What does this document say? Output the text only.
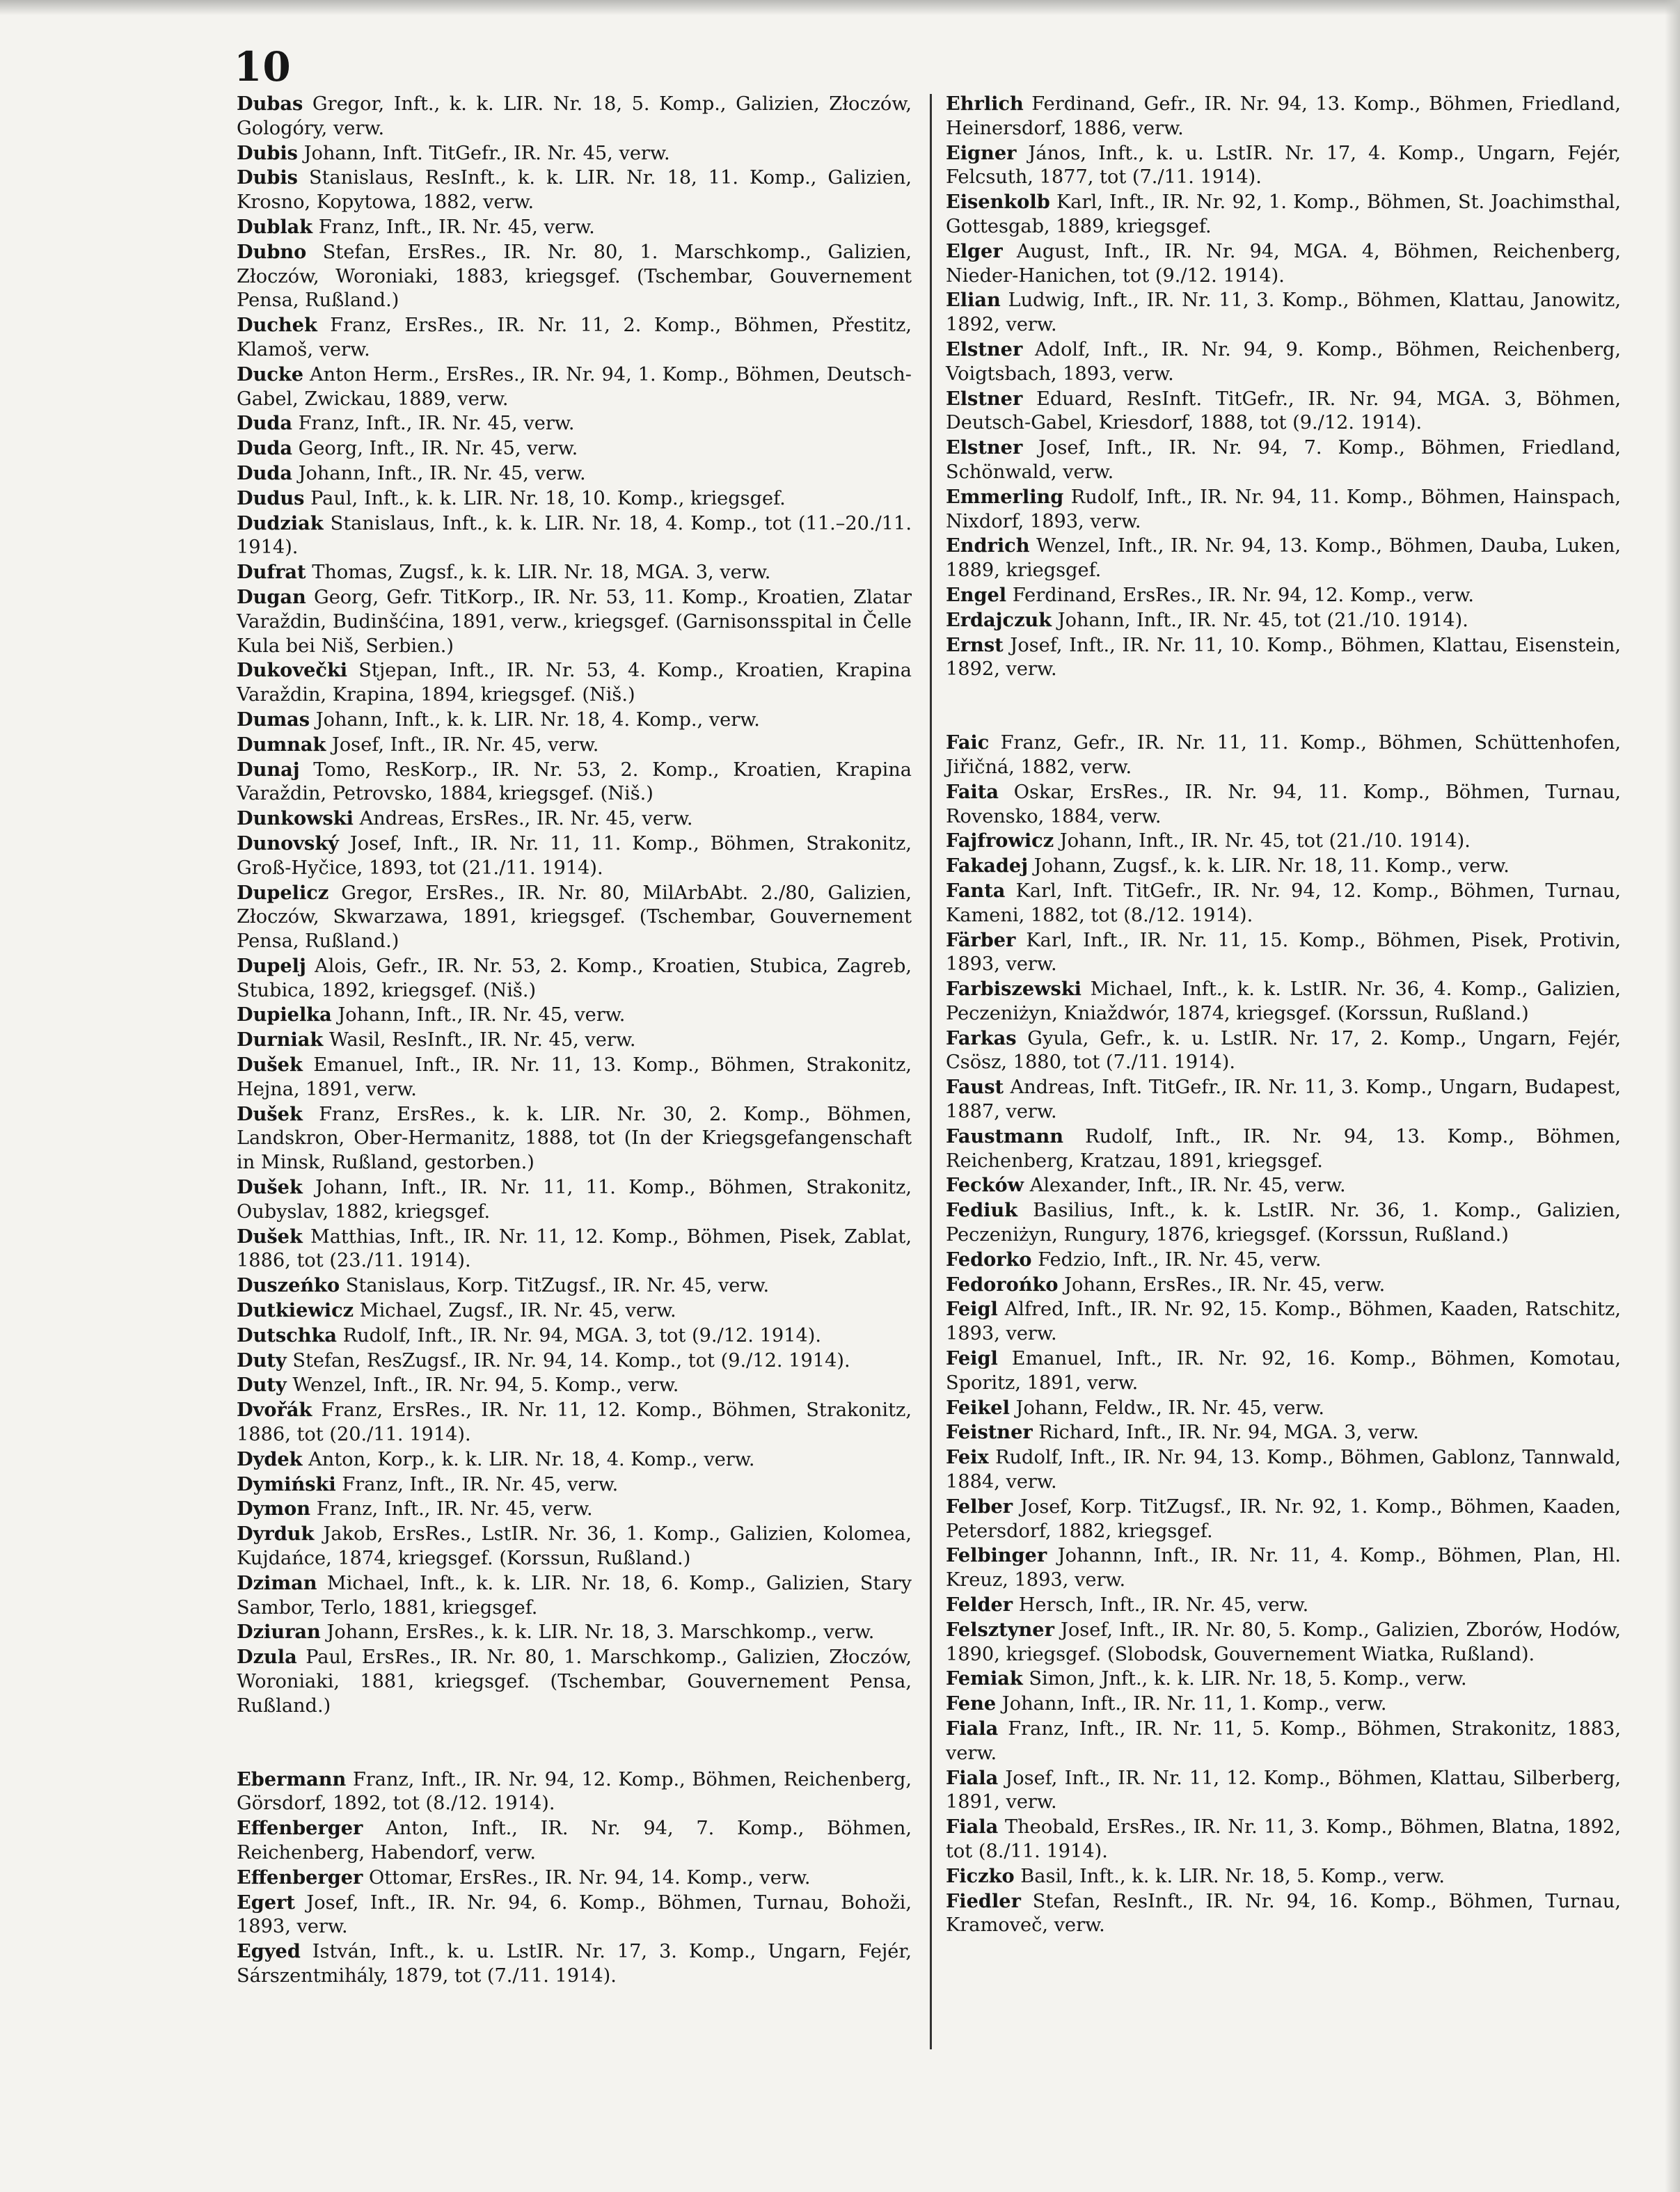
10

Dubas Gregor, Inft., k. k. LIR. Nr. 18, 5. Komp., Galizien, Złoczów, Gologóry, verw.

Dubis Johann, Inft. TitGefr., IR. Nr. 45, verw.

Dubis Stanislaus, ResInft., k. k. LIR. Nr. 18, 11. Komp., Galizien, Krosno, Kopytowa, 1882, verw.

Dublak Franz, Inft., IR. Nr. 45, verw.

Dubno Stefan, ErsRes., IR. Nr. 80, 1. Marschkomp., Galizien, Złoczów, Woroniaki, 1883, kriegsgef. (Tschembar, Gouvernement Pensa, Rußland.)

Duchek Franz, ErsRes., IR. Nr. 11, 2. Komp., Böhmen, Přestitz, Klamoš, verw.

Ducke Anton Herm., ErsRes., IR. Nr. 94, 1. Komp., Böhmen, Deutsch-Gabel, Zwickau, 1889, verw.

Duda Franz, Inft., IR. Nr. 45, verw.

Duda Georg, Inft., IR. Nr. 45, verw.

Duda Johann, Inft., IR. Nr. 45, verw.

Dudus Paul, Inft., k. k. LIR. Nr. 18, 10. Komp., kriegsgef.

Dudziak Stanislaus, Inft., k. k. LIR. Nr. 18, 4. Komp., tot (11.–20./11. 1914).

Dufrat Thomas, Zugsf., k. k. LIR. Nr. 18, MGA. 3, verw.

Dugan Georg, Gefr. TitKorp., IR. Nr. 53, 11. Komp., Kroatien, Zlatar Varaždin, Budinšćina, 1891, verw., kriegsgef. (Garnisonsspital in Čelle Kula bei Niš, Serbien.)

Dukovečki Stjepan, Inft., IR. Nr. 53, 4. Komp., Kroatien, Krapina Varaždin, Krapina, 1894, kriegsgef. (Niš.)

Dumas Johann, Inft., k. k. LIR. Nr. 18, 4. Komp., verw.

Dumnak Josef, Inft., IR. Nr. 45, verw.

Dunaj Tomo, ResKorp., IR. Nr. 53, 2. Komp., Kroatien, Krapina Varaždin, Petrovsko, 1884, kriegsgef. (Niš.)

Dunkowski Andreas, ErsRes., IR. Nr. 45, verw.

Dunovský Josef, Inft., IR. Nr. 11, 11. Komp., Böhmen, Strakonitz, Groß-Hyčice, 1893, tot (21./11. 1914).

Dupelicz Gregor, ErsRes., IR. Nr. 80, MilArbAbt. 2./80, Galizien, Złoczów, Skwarzawa, 1891, kriegsgef. (Tschembar, Gouvernement Pensa, Rußland.)

Dupelj Alois, Gefr., IR. Nr. 53, 2. Komp., Kroatien, Stubica, Zagreb, Stubica, 1892, kriegsgef. (Niš.)

Dupielka Johann, Inft., IR. Nr. 45, verw.

Durniak Wasil, ResInft., IR. Nr. 45, verw.

Dušek Emanuel, Inft., IR. Nr. 11, 13. Komp., Böhmen, Strakonitz, Hejna, 1891, verw.

Dušek Franz, ErsRes., k. k. LIR. Nr. 30, 2. Komp., Böhmen, Landskron, Ober-Hermanitz, 1888, tot (In der Kriegsgefangenschaft in Minsk, Rußland, gestorben.)

Dušek Johann, Inft., IR. Nr. 11, 11. Komp., Böhmen, Strakonitz, Oubyslav, 1882, kriegsgef.

Dušek Matthias, Inft., IR. Nr. 11, 12. Komp., Böhmen, Pisek, Zablat, 1886, tot (23./11. 1914).

Duszeńko Stanislaus, Korp. TitZugsf., IR. Nr. 45, verw.

Dutkiewicz Michael, Zugsf., IR. Nr. 45, verw.

Dutschka Rudolf, Inft., IR. Nr. 94, MGA. 3, tot (9./12. 1914).

Duty Stefan, ResZugsf., IR. Nr. 94, 14. Komp., tot (9./12. 1914).

Duty Wenzel, Inft., IR. Nr. 94, 5. Komp., verw.

Dvořák Franz, ErsRes., IR. Nr. 11, 12. Komp., Böhmen, Strakonitz, 1886, tot (20./11. 1914).

Dydek Anton, Korp., k. k. LIR. Nr. 18, 4. Komp., verw.

Dymiński Franz, Inft., IR. Nr. 45, verw.

Dymon Franz, Inft., IR. Nr. 45, verw.

Dyrduk Jakob, ErsRes., LstIR. Nr. 36, 1. Komp., Galizien, Kolomea, Kujdańce, 1874, kriegsgef. (Korssun, Rußland.)

Dziman Michael, Inft., k. k. LIR. Nr. 18, 6. Komp., Galizien, Stary Sambor, Terlo, 1881, kriegsgef.

Dziuran Johann, ErsRes., k. k. LIR. Nr. 18, 3. Marschkomp., verw.

Dzula Paul, ErsRes., IR. Nr. 80, 1. Marschkomp., Galizien, Złoczów, Woroniaki, 1881, kriegsgef. (Tschembar, Gouvernement Pensa, Rußland.)

Ebermann Franz, Inft., IR. Nr. 94, 12. Komp., Böhmen, Reichenberg, Görsdorf, 1892, tot (8./12. 1914).

Effenberger Anton, Inft., IR. Nr. 94, 7. Komp., Böhmen, Reichenberg, Habendorf, verw.

Effenberger Ottomar, ErsRes., IR. Nr. 94, 14. Komp., verw.

Egert Josef, Inft., IR. Nr. 94, 6. Komp., Böhmen, Turnau, Bohoži, 1893, verw.

Egyed István, Inft., k. u. LstIR. Nr. 17, 3. Komp., Ungarn, Fejér, Sárszentmihály, 1879, tot (7./11. 1914).

Ehrlich Ferdinand, Gefr., IR. Nr. 94, 13. Komp., Böhmen, Friedland, Heinersdorf, 1886, verw.

Eigner János, Inft., k. u. LstIR. Nr. 17, 4. Komp., Ungarn, Fejér, Felcsuth, 1877, tot (7./11. 1914).

Eisenkolb Karl, Inft., IR. Nr. 92, 1. Komp., Böhmen, St. Joachimsthal, Gottesgab, 1889, kriegsgef.

Elger August, Inft., IR. Nr. 94, MGA. 4, Böhmen, Reichenberg, Nieder-Hanichen, tot (9./12. 1914).

Elian Ludwig, Inft., IR. Nr. 11, 3. Komp., Böhmen, Klattau, Janowitz, 1892, verw.

Elstner Adolf, Inft., IR. Nr. 94, 9. Komp., Böhmen, Reichenberg, Voigtsbach, 1893, verw.

Elstner Eduard, ResInft. TitGefr., IR. Nr. 94, MGA. 3, Böhmen, Deutsch-Gabel, Kriesdorf, 1888, tot (9./12. 1914).

Elstner Josef, Inft., IR. Nr. 94, 7. Komp., Böhmen, Friedland, Schönwald, verw.

Emmerling Rudolf, Inft., IR. Nr. 94, 11. Komp., Böhmen, Hainspach, Nixdorf, 1893, verw.

Endrich Wenzel, Inft., IR. Nr. 94, 13. Komp., Böhmen, Dauba, Luken, 1889, kriegsgef.

Engel Ferdinand, ErsRes., IR. Nr. 94, 12. Komp., verw.

Erdajczuk Johann, Inft., IR. Nr. 45, tot (21./10. 1914).

Ernst Josef, Inft., IR. Nr. 11, 10. Komp., Böhmen, Klattau, Eisenstein, 1892, verw.

Faic Franz, Gefr., IR. Nr. 11, 11. Komp., Böhmen, Schüttenhofen, Jiřičná, 1882, verw.

Faita Oskar, ErsRes., IR. Nr. 94, 11. Komp., Böhmen, Turnau, Rovensko, 1884, verw.

Fajfrowicz Johann, Inft., IR. Nr. 45, tot (21./10. 1914).

Fakadej Johann, Zugsf., k. k. LIR. Nr. 18, 11. Komp., verw.

Fanta Karl, Inft. TitGefr., IR. Nr. 94, 12. Komp., Böhmen, Turnau, Kameni, 1882, tot (8./12. 1914).

Färber Karl, Inft., IR. Nr. 11, 15. Komp., Böhmen, Pisek, Protivin, 1893, verw.

Farbiszewski Michael, Inft., k. k. LstIR. Nr. 36, 4. Komp., Galizien, Peczeniżyn, Kniaždwór, 1874, kriegsgef. (Korssun, Rußland.)

Farkas Gyula, Gefr., k. u. LstIR. Nr. 17, 2. Komp., Ungarn, Fejér, Csösz, 1880, tot (7./11. 1914).

Faust Andreas, Inft. TitGefr., IR. Nr. 11, 3. Komp., Ungarn, Budapest, 1887, verw.

Faustmann Rudolf, Inft., IR. Nr. 94, 13. Komp., Böhmen, Reichenberg, Kratzau, 1891, kriegsgef.

Fecków Alexander, Inft., IR. Nr. 45, verw.

Fediuk Basilius, Inft., k. k. LstIR. Nr. 36, 1. Komp., Galizien, Peczeniżyn, Rungury, 1876, kriegsgef. (Korssun, Rußland.)

Fedorko Fedzio, Inft., IR. Nr. 45, verw.

Fedorońko Johann, ErsRes., IR. Nr. 45, verw.

Feigl Alfred, Inft., IR. Nr. 92, 15. Komp., Böhmen, Kaaden, Ratschitz, 1893, verw.

Feigl Emanuel, Inft., IR. Nr. 92, 16. Komp., Böhmen, Komotau, Sporitz, 1891, verw.

Feikel Johann, Feldw., IR. Nr. 45, verw.

Feistner Richard, Inft., IR. Nr. 94, MGA. 3, verw.

Feix Rudolf, Inft., IR. Nr. 94, 13. Komp., Böhmen, Gablonz, Tannwald, 1884, verw.

Felber Josef, Korp. TitZugsf., IR. Nr. 92, 1. Komp., Böhmen, Kaaden, Petersdorf, 1882, kriegsgef.

Felbinger Johannn, Inft., IR. Nr. 11, 4. Komp., Böhmen, Plan, Hl. Kreuz, 1893, verw.

Felder Hersch, Inft., IR. Nr. 45, verw.

Felsztyner Josef, Inft., IR. Nr. 80, 5. Komp., Galizien, Zborów, Hodów, 1890, kriegsgef. (Slobodsk, Gouvernement Wiatka, Rußland).

Femiak Simon, Jnft., k. k. LIR. Nr. 18, 5. Komp., verw.

Fene Johann, Inft., IR. Nr. 11, 1. Komp., verw.

Fiala Franz, Inft., IR. Nr. 11, 5. Komp., Böhmen, Strakonitz, 1883, verw.

Fiala Josef, Inft., IR. Nr. 11, 12. Komp., Böhmen, Klattau, Silberberg, 1891, verw.

Fiala Theobald, ErsRes., IR. Nr. 11, 3. Komp., Böhmen, Blatna, 1892, tot (8./11. 1914).

Ficzko Basil, Inft., k. k. LIR. Nr. 18, 5. Komp., verw.

Fiedler Stefan, ResInft., IR. Nr. 94, 16. Komp., Böhmen, Turnau, Kramoveč, verw.
